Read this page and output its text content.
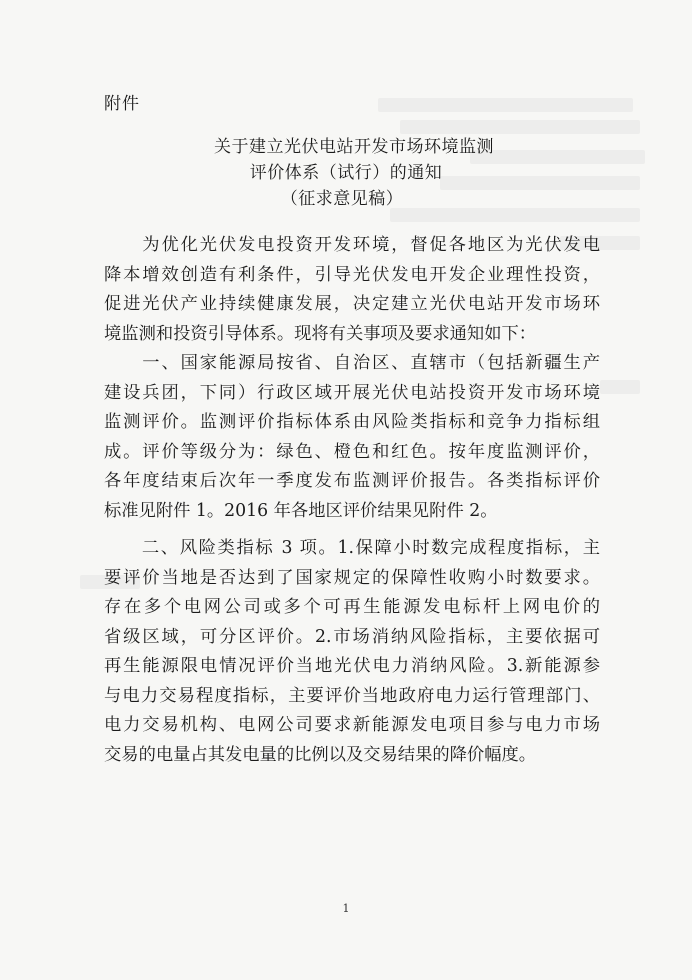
附件
关于建立光伏电站开发市场环境监测
评价体系（试行）的通知
（征求意见稿）
　　为优化光伏发电投资开发环境，督促各地区为光伏发电
降本增效创造有利条件，引导光伏发电开发企业理性投资，
促进光伏产业持续健康发展，决定建立光伏电站开发市场环
境监测和投资引导体系。现将有关事项及要求通知如下：
　　一、国家能源局按省、自治区、直辖市（包括新疆生产
建设兵团，下同）行政区域开展光伏电站投资开发市场环境
监测评价。监测评价指标体系由风险类指标和竞争力指标组
成。评价等级分为：绿色、橙色和红色。按年度监测评价，
各年度结束后次年一季度发布监测评价报告。各类指标评价
标准见附件 1。2016 年各地区评价结果见附件 2。
　　二、风险类指标 3 项。1.保障小时数完成程度指标，主
要评价当地是否达到了国家规定的保障性收购小时数要求。
存在多个电网公司或多个可再生能源发电标杆上网电价的
省级区域，可分区评价。2.市场消纳风险指标，主要依据可
再生能源限电情况评价当地光伏电力消纳风险。3.新能源参
与电力交易程度指标，主要评价当地政府电力运行管理部门、
电力交易机构、电网公司要求新能源发电项目参与电力市场
交易的电量占其发电量的比例以及交易结果的降价幅度。
1
